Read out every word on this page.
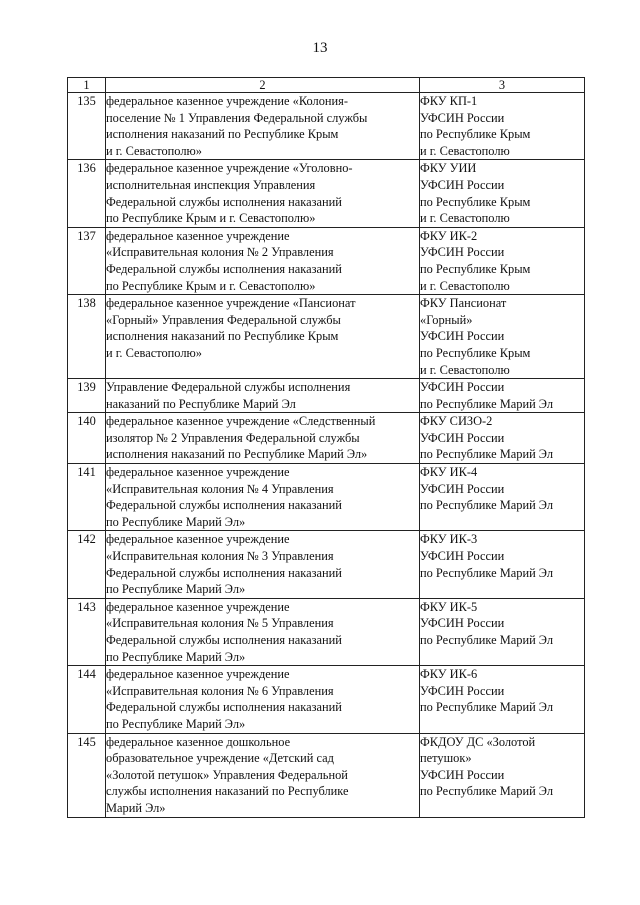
13
1	2	3
135	федеральное казенное учреждение «Колония-
поселение № 1 Управления Федеральной службы
исполнения наказаний по Республике Крым
и г. Севастополю»	ФКУ КП-1
УФСИН России
по Республике Крым
и г. Севастополю

136	федеральное казенное учреждение «Уголовно-
исполнительная инспекция Управления
Федеральной службы исполнения наказаний
по Республике Крым и г. Севастополю»	ФКУ УИИ
УФСИН России
по Республике Крым
и г. Севастополю

137	федеральное казенное учреждение
«Исправительная колония № 2 Управления
Федеральной службы исполнения наказаний
по Республике Крым и г. Севастополю»	ФКУ ИК-2
УФСИН России
по Республике Крым
и г. Севастополю

138	федеральное казенное учреждение «Пансионат
«Горный» Управления Федеральной службы
исполнения наказаний по Республике Крым
и г. Севастополю»	ФКУ Пансионат
«Горный»
УФСИН России
по Республике Крым
и г. Севастополю

139	Управление Федеральной службы исполнения
наказаний по Республике Марий Эл	УФСИН России
по Республике Марий Эл

140	федеральное казенное учреждение «Следственный
изолятор № 2 Управления Федеральной службы
исполнения наказаний по Республике Марий Эл»	ФКУ СИЗО-2
УФСИН России
по Республике Марий Эл

141	федеральное казенное учреждение
«Исправительная колония № 4 Управления
Федеральной службы исполнения наказаний
по Республике Марий Эл»	ФКУ ИК-4
УФСИН России
по Республике Марий Эл

142	федеральное казенное учреждение
«Исправительная колония № 3 Управления
Федеральной службы исполнения наказаний
по Республике Марий Эл»	ФКУ ИК-3
УФСИН России
по Республике Марий Эл

143	федеральное казенное учреждение
«Исправительная колония № 5 Управления
Федеральной службы исполнения наказаний
по Республике Марий Эл»	ФКУ ИК-5
УФСИН России
по Республике Марий Эл

144	федеральное казенное учреждение
«Исправительная колония № 6 Управления
Федеральной службы исполнения наказаний
по Республике Марий Эл»	ФКУ ИК-6
УФСИН России
по Республике Марий Эл

145	федеральное казенное дошкольное
образовательное учреждение «Детский сад
«Золотой петушок» Управления Федеральной
службы исполнения наказаний по Республике
Марий Эл»	ФКДОУ ДС «Золотой
петушок»
УФСИН России
по Республике Марий Эл
